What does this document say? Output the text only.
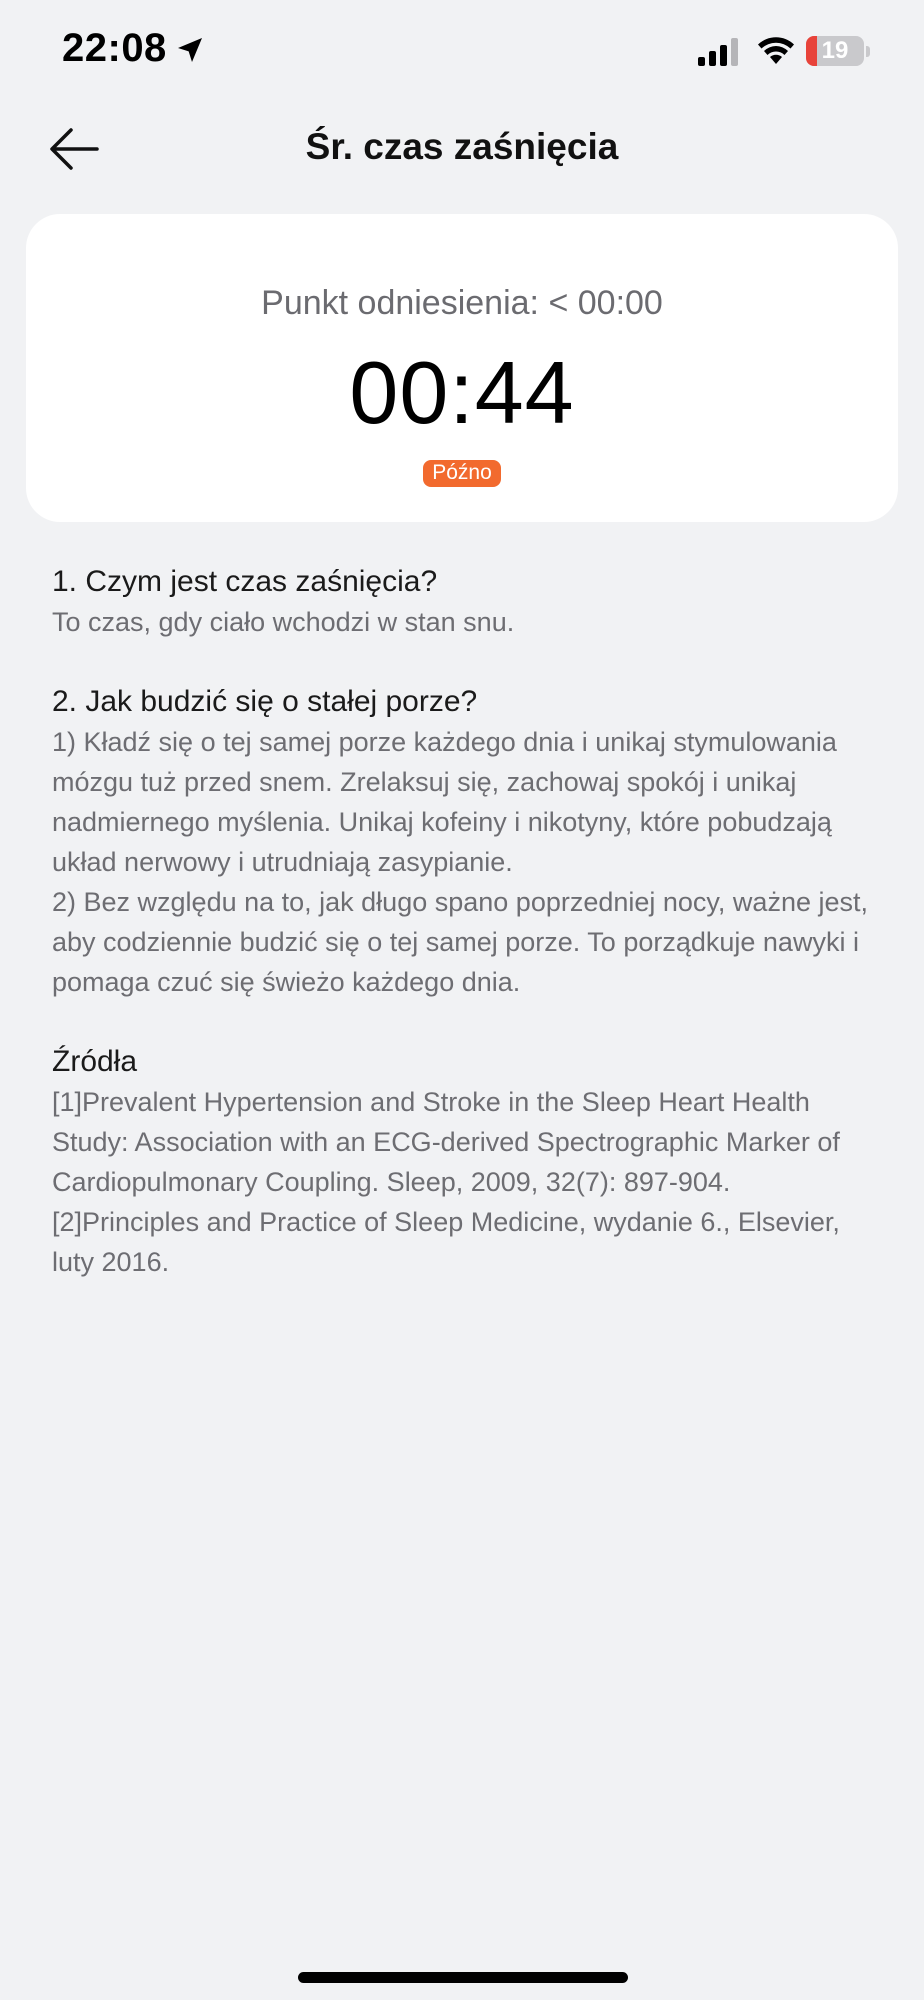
22:08	19
Śr. czas zaśnięcia
Punkt odniesienia: < 00:00
00:44
Późno

1. Czym jest czas zaśnięcia?

To czas, gdy ciało wchodzi w stan snu.

2. Jak budzić się o stałej porze?

1) Kładź się o tej samej porze każdego dnia i unikaj stymulowania mózgu tuż przed snem. Zrelaksuj się, zachowaj spokój i unikaj nadmiernego myślenia. Unikaj kofeiny i nikotyny, które pobudzają układ nerwowy i utrudniają zasypianie.

2) Bez względu na to, jak długo spano poprzedniej nocy, ważne jest, aby codziennie budzić się o tej samej porze. To porządkuje nawyki i pomaga czuć się świeżo każdego dnia.

Źródła

[1]Prevalent Hypertension and Stroke in the Sleep Heart Health Study: Association with an ECG-derived Spectrographic Marker of Cardiopulmonary Coupling. Sleep, 2009, 32(7): 897-904.

[2]Principles and Practice of Sleep Medicine, wydanie 6., Elsevier, luty 2016.
